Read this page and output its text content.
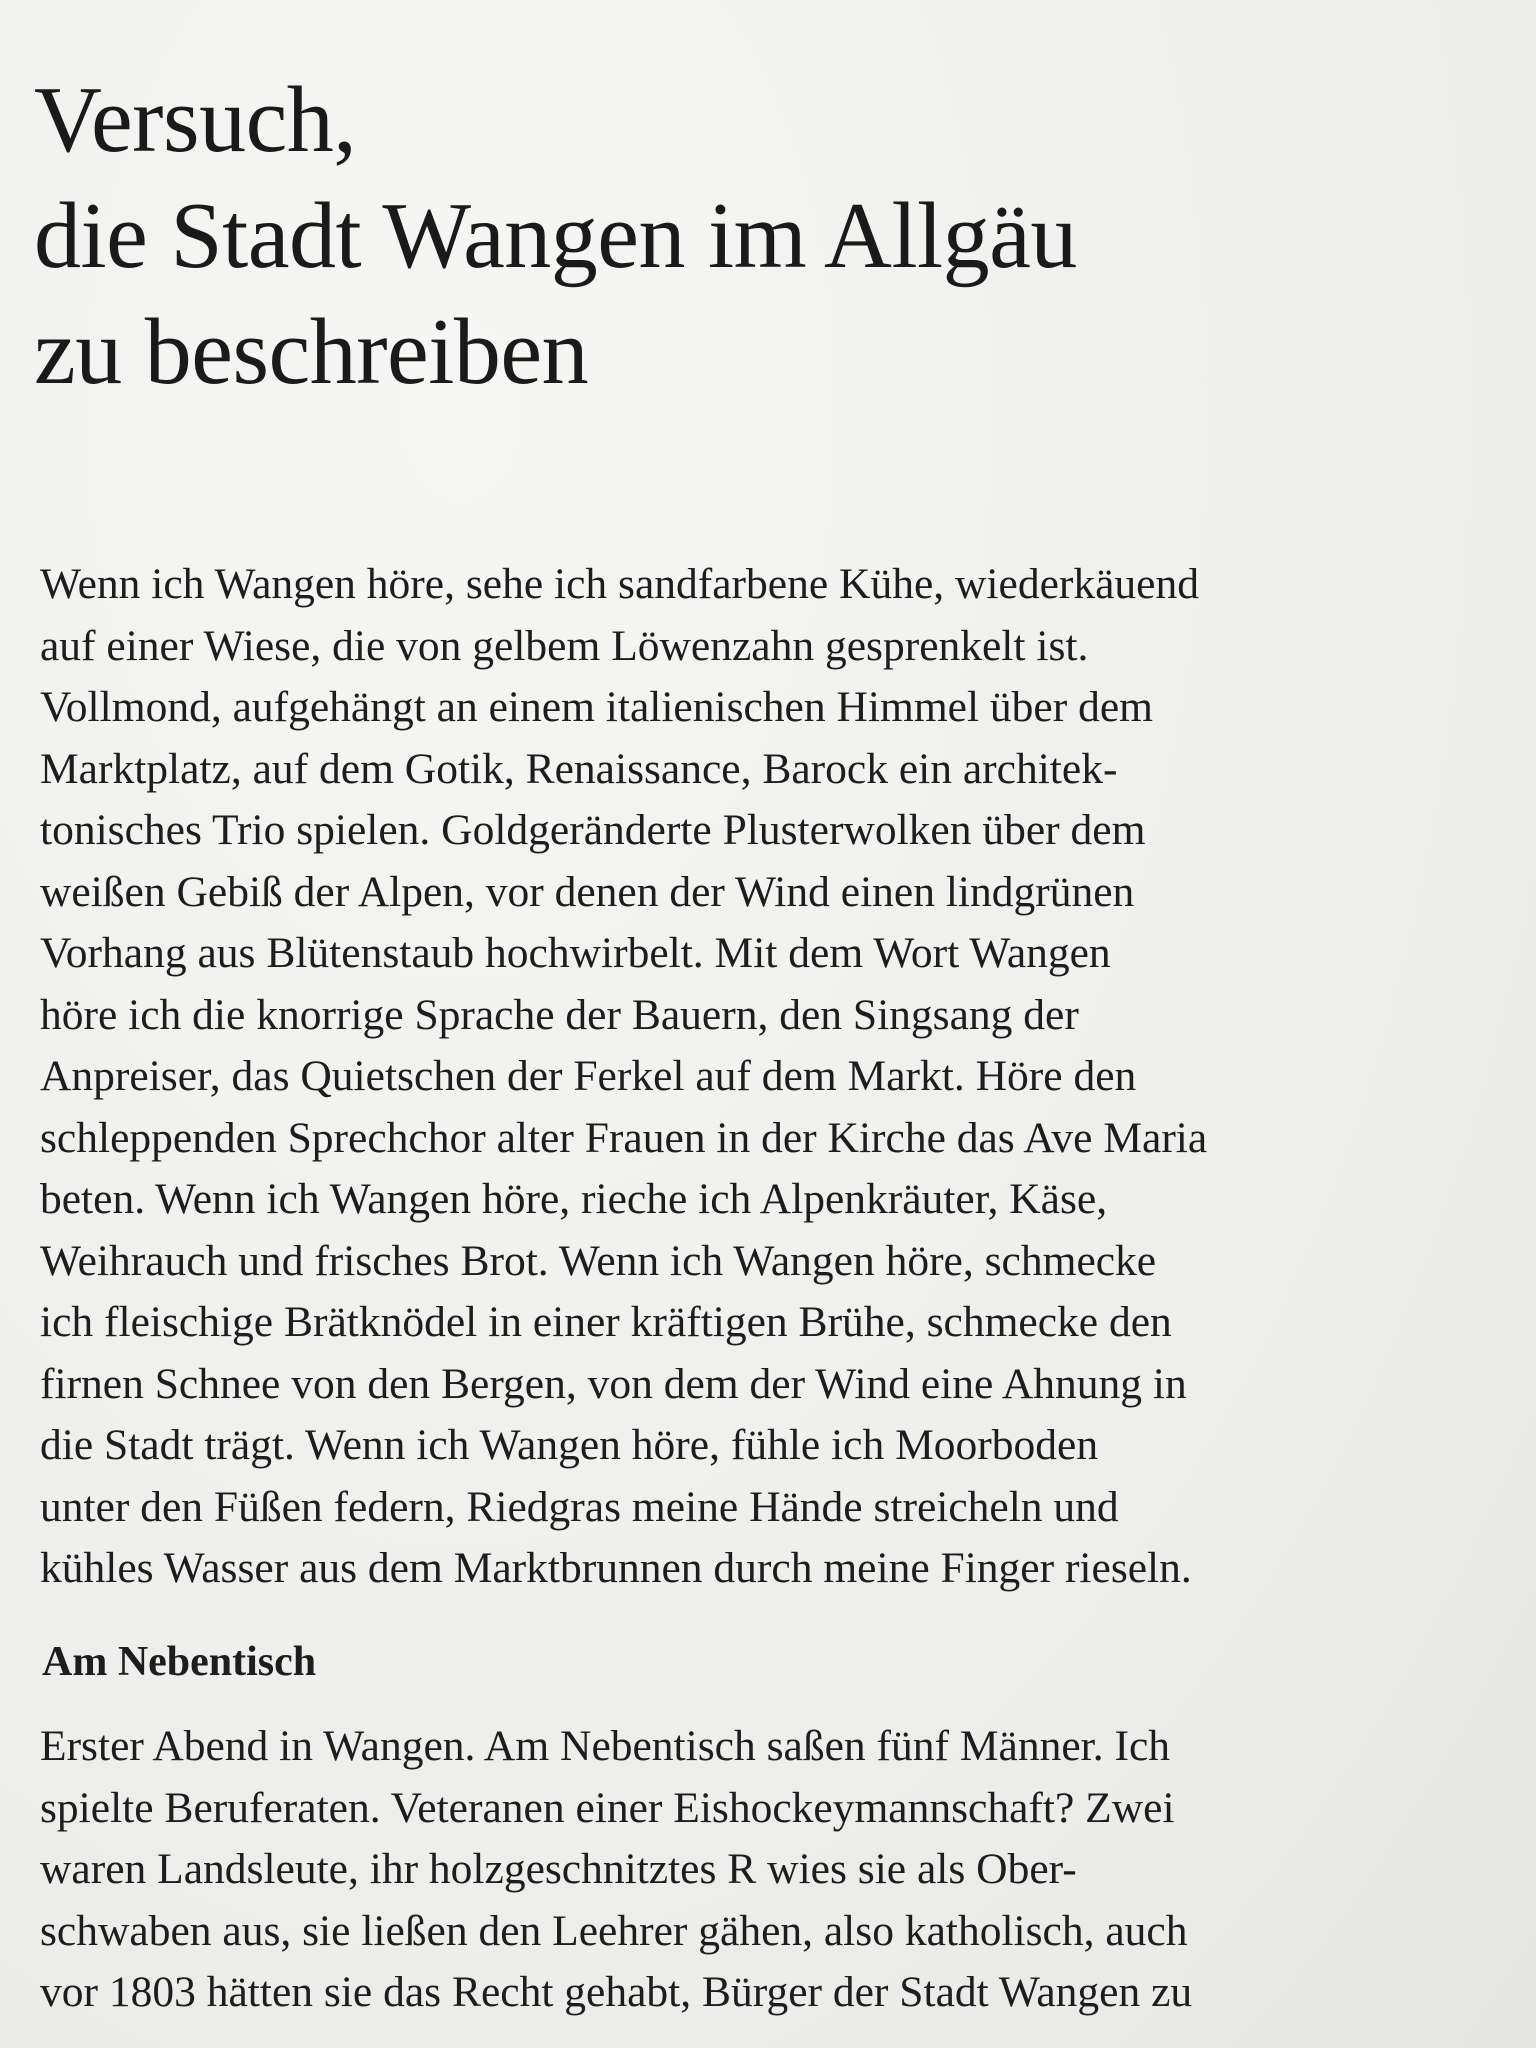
Versuch,
die Stadt Wangen im Allgäu
zu beschreiben
Wenn ich Wangen höre, sehe ich sandfarbene Kühe, wiederkäuend
auf einer Wiese, die von gelbem Löwenzahn gesprenkelt ist.
Vollmond, aufgehängt an einem italienischen Himmel über dem
Marktplatz, auf dem Gotik, Renaissance, Barock ein architek-
tonisches Trio spielen. Goldgeränderte Plusterwolken über dem
weißen Gebiß der Alpen, vor denen der Wind einen lindgrünen
Vorhang aus Blütenstaub hochwirbelt. Mit dem Wort Wangen
höre ich die knorrige Sprache der Bauern, den Singsang der
Anpreiser, das Quietschen der Ferkel auf dem Markt. Höre den
schleppenden Sprechchor alter Frauen in der Kirche das Ave Maria
beten. Wenn ich Wangen höre, rieche ich Alpenkräuter, Käse,
Weihrauch und frisches Brot. Wenn ich Wangen höre, schmecke
ich fleischige Brätknödel in einer kräftigen Brühe, schmecke den
firnen Schnee von den Bergen, von dem der Wind eine Ahnung in
die Stadt trägt. Wenn ich Wangen höre, fühle ich Moorboden
unter den Füßen federn, Riedgras meine Hände streicheln und
kühles Wasser aus dem Marktbrunnen durch meine Finger rieseln.
Am Nebentisch
Erster Abend in Wangen. Am Nebentisch saßen fünf Männer. Ich
spielte Beruferaten. Veteranen einer Eishockeymannschaft? Zwei
waren Landsleute, ihr holzgeschnitztes R wies sie als Ober-
schwaben aus, sie ließen den Leehrer gähen, also katholisch, auch
vor 1803 hätten sie das Recht gehabt, Bürger der Stadt Wangen zu
